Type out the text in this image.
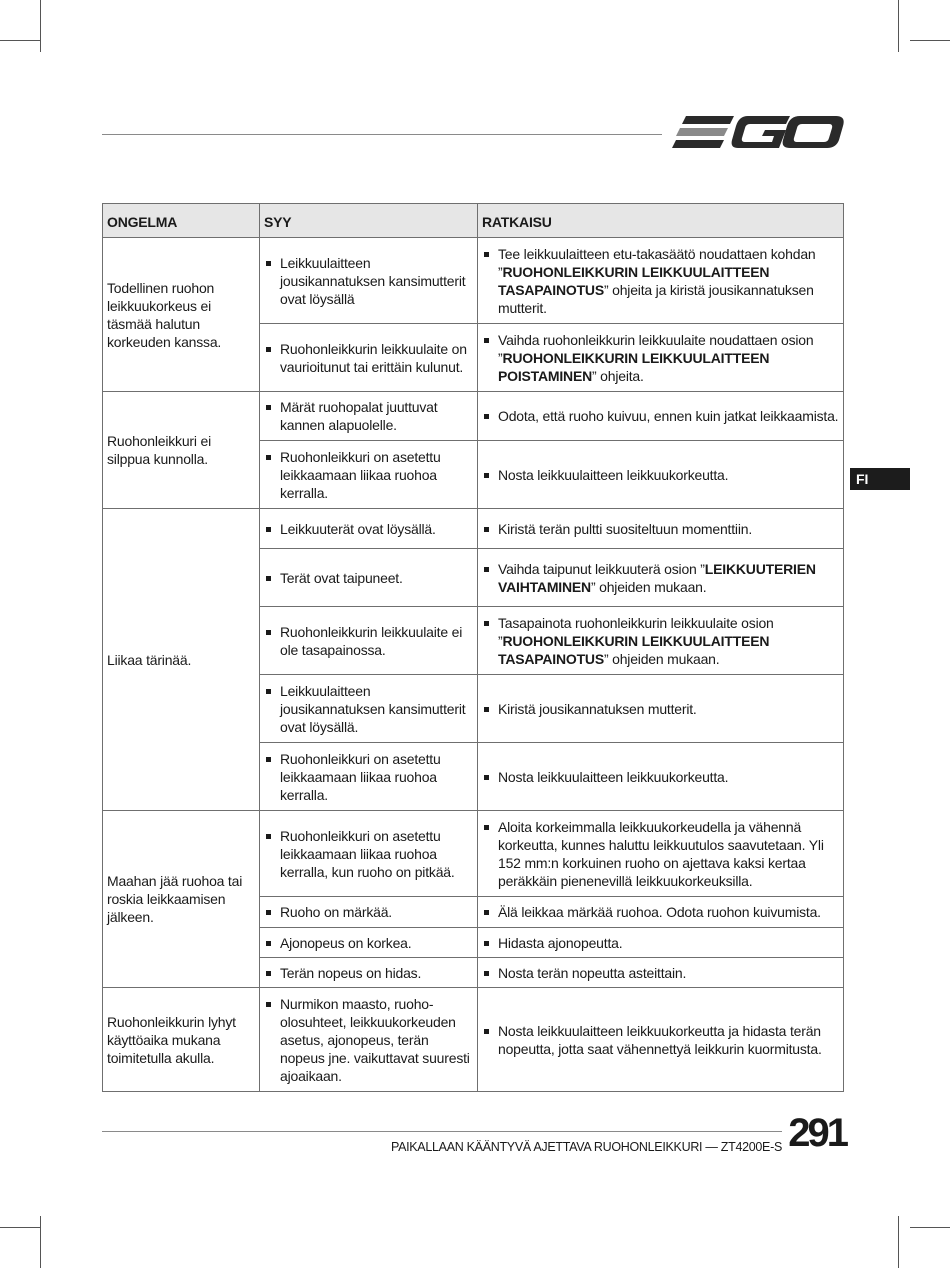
ONGELMA	SYY	RATKAISU
Todellinen ruohon leikkuukorkeus ei täsmää halutun korkeuden kanssa.	Leikkuulaitteen jousikannatuksen kansimutterit ovat löysällä	Tee leikkuulaitteen etu-takasäätö noudattaen kohdan ”RUOHONLEIKKURIN LEIKKUULAITTEEN TASAPAINOTUS” ohjeita ja kiristä jousikannatuksen mutterit.

	Ruohonleikkurin leikkuulaite on vaurioitunut tai erittäin kulunut.	Vaihda ruohonleikkurin leikkuulaite noudattaen osion ”RUOHONLEIKKURIN LEIKKUULAITTEEN POISTAMINEN” ohjeita.

Ruohonleikkuri ei silppua kunnolla.	Märät ruohopalat juuttuvat kannen alapuolelle.	Odota, että ruoho kuivuu, ennen kuin jatkat leikkaamista.

	Ruohonleikkuri on asetettu leikkaamaan liikaa ruohoa kerralla.	Nosta leikkuulaitteen leikkuukorkeutta.

Liikaa tärinää.	Leikkuuterät ovat löysällä.	Kiristä terän pultti suositeltuun momenttiin.

	Terät ovat taipuneet.	Vaihda taipunut leikkuuterä osion ”LEIKKUUTERIEN VAIHTAMINEN” ohjeiden mukaan.

	Ruohonleikkurin leikkuulaite ei ole tasapainossa.	Tasapainota ruohonleikkurin leikkuulaite osion ”RUOHONLEIKKURIN LEIKKUULAITTEEN TASAPAINOTUS” ohjeiden mukaan.

	Leikkuulaitteen jousikannatuksen kansimutterit ovat löysällä.	Kiristä jousikannatuksen mutterit.

	Ruohonleikkuri on asetettu leikkaamaan liikaa ruohoa kerralla.	Nosta leikkuulaitteen leikkuukorkeutta.

Maahan jää ruohoa tai roskia leikkaamisen jälkeen.	Ruohonleikkuri on asetettu leikkaamaan liikaa ruohoa kerralla, kun ruoho on pitkää.	Aloita korkeimmalla leikkuukorkeudella ja vähennä korkeutta, kunnes haluttu leikkuutulos saavutetaan. Yli 152 mm:n korkuinen ruoho on ajettava kaksi kertaa peräkkäin pienenevillä leikkuukorkeuksilla.

	Ruoho on märkää.	Älä leikkaa märkää ruohoa. Odota ruohon kuivumista.

	Ajonopeus on korkea.	Hidasta ajonopeutta.

	Terän nopeus on hidas.	Nosta terän nopeutta asteittain.

Ruohonleikkurin lyhyt käyttöaika mukana toimitetulla akulla.	Nurmikon maasto, ruoho-olosuhteet, leikkuukorkeuden asetus, ajonopeus, terän nopeus jne. vaikuttavat suuresti ajoaikaan.	Nosta leikkuulaitteen leikkuukorkeutta ja hidasta terän nopeutta, jotta saat vähennettyä leikkurin kuormitusta.
FI
PAIKALLAAN KÄÄNTYVÄ AJETTAVA RUOHONLEIKKURI — ZT4200E-S 291
